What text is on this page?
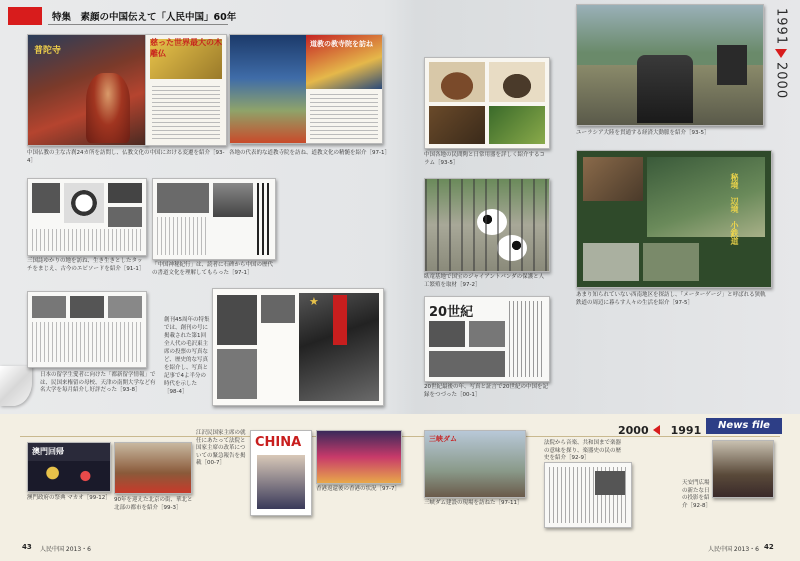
特集　素顔の中国伝えて「人民中国」60年	1991
2000
普陀寺
慈った世界最大の木雕仏
中国仏教の主な古刹24カ所を訪問し、仏教文化の中国における変遷を紹介［93-4］
道教の教寺院を訪ね
各地の代表的な道教寺院を訪ね、道教文化の精髄を紹介［97-1］
三国誌ゆかりの地を訪ね、生き生きとしたタッチをまじえ、古今のエピソードを紹介［91-1］
「中国神秘紀行」は、読者に石碑から中国の歴代の書道文化を理解してもらった［97-1］
日本の留学生愛者に向けた「都新留学情報」では、民国来権留の母校、天津の南開大学など有名大学を毎月紹介し好評だった［93-8］
創刊45周年の特集では、創刊の号に掲載された第1回全人代の毛沢東主席の投票の写真など、歴史的な写真を紹介し、写真と記事で4よ半分の時代を示した［98-4］
★
中国各地の民間陶と日常用器を詳しく紹介するコラム［93-5］
臥竜基地で国宝のジャイアントパンダの保護と人工繁殖を取材［97-2］
20世紀
20世紀最後の年、写真と証言で20世紀の中国を記録をつづった［00-1］
ユーラシア大陸を貫通する経済大動脈を紹介［93-5］
秘境　辺境　小鉄道
あまり知られていない西南地区を探訪し、「メーターゲージ」と呼ばれる狭軌鉄道の周辺に暮らす人々の生活を紹介［97-5］
2000　　1991	News file
澳門回帰
澳門政府の祭典 マカオ［99-12］ 90年を迎えた北京の街、華北と北部の都市を紹介［99-3］
江沢民国家主席の就任にあたって法院と国家主席の改革についての緊急報告を掲載［00-7］
CHINA
香港返還後の香港の状況［97-7］
三峡ダム
三峡ダム建設の現場を訪ねた［97-11］
法院から音楽、共和国まで楽器の意味を探り、楽器史の民の歴史を紹介［92-9］
天安門広場の新たな日の投影を紹介［92-8］
43 人民中国 2013・6	人民中国 2013・6 42
